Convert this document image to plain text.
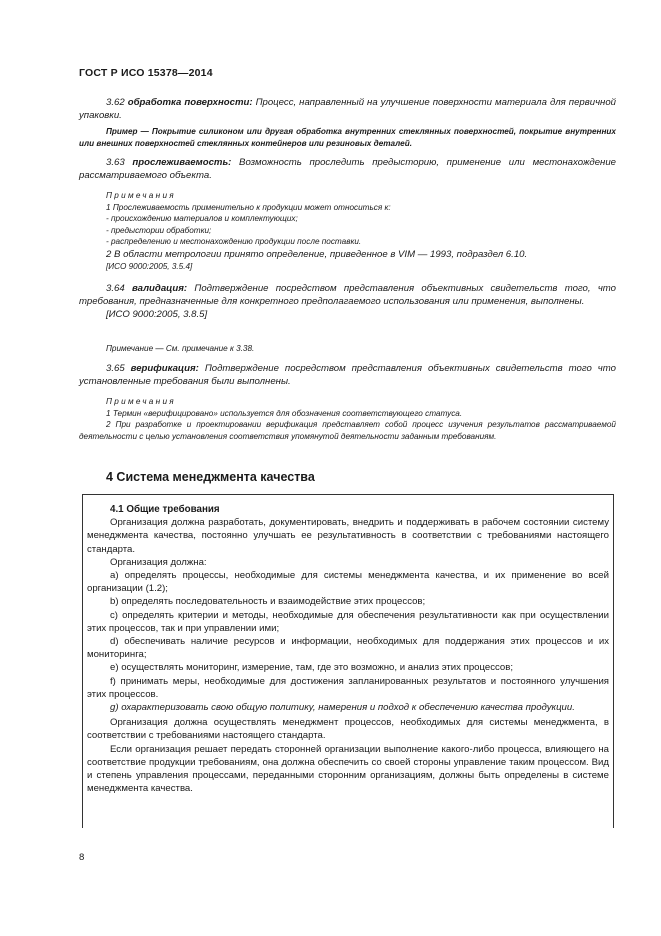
ГОСТ Р ИСО 15378—2014

3.62 обработка поверхности: Процесс, направленный на улучшение поверхности материала для первичной упаковки.

Пример — Покрытие силиконом или другая обработка внутренних стеклянных поверхностей, покрытие внутренних или внешних поверхностей стеклянных контейнеров или резиновых деталей.

3.63 прослеживаемость: Возможность проследить предысторию, применение или местонахождение рассматриваемого объекта.

Примечания

1 Прослеживаемость применительно к продукции может относиться к:

- происхождению материалов и комплектующих;

- предыстории обработки;

- распределению и местонахождению продукции после поставки.

2 В области метрологии принято определение, приведенное в VIM — 1993, подраздел 6.10.

[ИСО 9000:2005, 3.5.4]

3.64 валидация: Подтверждение посредством представления объективных свидетельств того, что требования, предназначенные для конкретного предполагаемого использования или применения, выполнены.

[ИСО 9000:2005, 3.8.5]

Примечание — См. примечание к 3.38.

3.65 верификация: Подтверждение посредством представления объективных свидетельств того что установленные требования были выполнены.

Примечания

1 Термин «верифицировано» используется для обозначения соответствующего статуса.

2 При разработке и проектировании верификация представляет собой процесс изучения результатов рассматриваемой деятельности с целью установления соответствия упомянутой деятельности заданным требованиям.

4 Система менеджмента качества

4.1 Общие требования

Организация должна разработать, документировать, внедрить и поддерживать в рабочем состоянии систему менеджмента качества, постоянно улучшать ее результативность в соответствии с требованиями настоящего стандарта.

Организация должна:

а) определять процессы, необходимые для системы менеджмента качества, и их применение во всей организации (1.2);

b) определять последовательность и взаимодействие этих процессов;

c) определять критерии и методы, необходимые для обеспечения результативности как при осуществлении этих процессов, так и при управлении ими;

d) обеспечивать наличие ресурсов и информации, необходимых для поддержания этих процессов и их мониторинга;

e) осуществлять мониторинг, измерение, там, где это возможно, и анализ этих процессов;

f) принимать меры, необходимые для достижения запланированных результатов и постоянного улучшения этих процессов.

g) охарактеризовать свою общую политику, намерения и подход к обеспечению качества продукции.

Организация должна осуществлять менеджмент процессов, необходимых для системы менеджмента, в соответствии с требованиями настоящего стандарта.

Если организация решает передать сторонней организации выполнение какого-либо процесса, влияющего на соответствие продукции требованиям, она должна обеспечить со своей стороны управление таким процессом. Вид и степень управления процессами, переданными сторонним организациям, должны быть определены в системе менеджмента качества.

8
